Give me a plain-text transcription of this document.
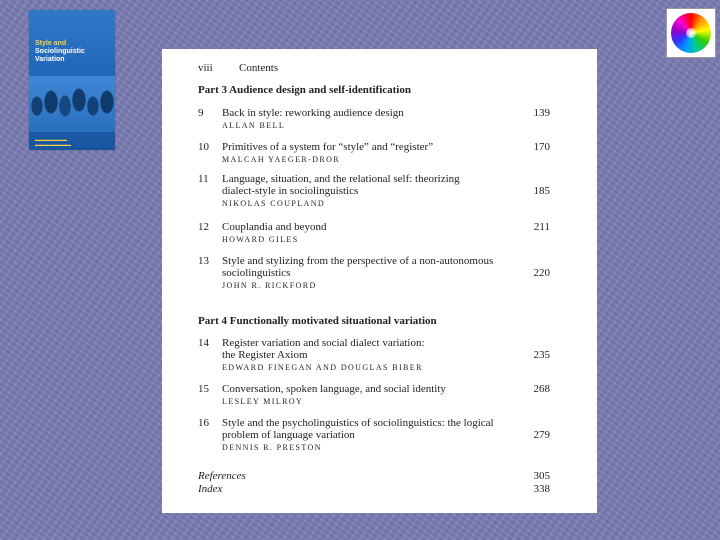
Style and
Sociolinguistic
Variation
▬▬▬▬▬▬▬▬
▬▬▬▬▬▬▬▬▬
viii Contents
Part 3 Audience design and self-identification
9	Back in style: reworking audience design	139
ALLAN BELL
10	Primitives of a system for “style” and “register”	170
MALCAH YAEGER-DROR
11	Language, situation, and the relational self: theorizing
dialect-style in sociolinguistics	185
NIKOLAS COUPLAND
12	Couplandia and beyond	211
HOWARD GILES
13	Style and stylizing from the perspective of a non-autonomous
sociolinguistics	220
JOHN R. RICKFORD
Part 4 Functionally motivated situational variation
14	Register variation and social dialect variation:
the Register Axiom	235
EDWARD FINEGAN AND DOUGLAS BIBER
15	Conversation, spoken language, and social identity	268
LESLEY MILROY
16	Style and the psycholinguistics of sociolinguistics: the logical
problem of language variation	279
DENNIS R. PRESTON
References	305
Index	338
